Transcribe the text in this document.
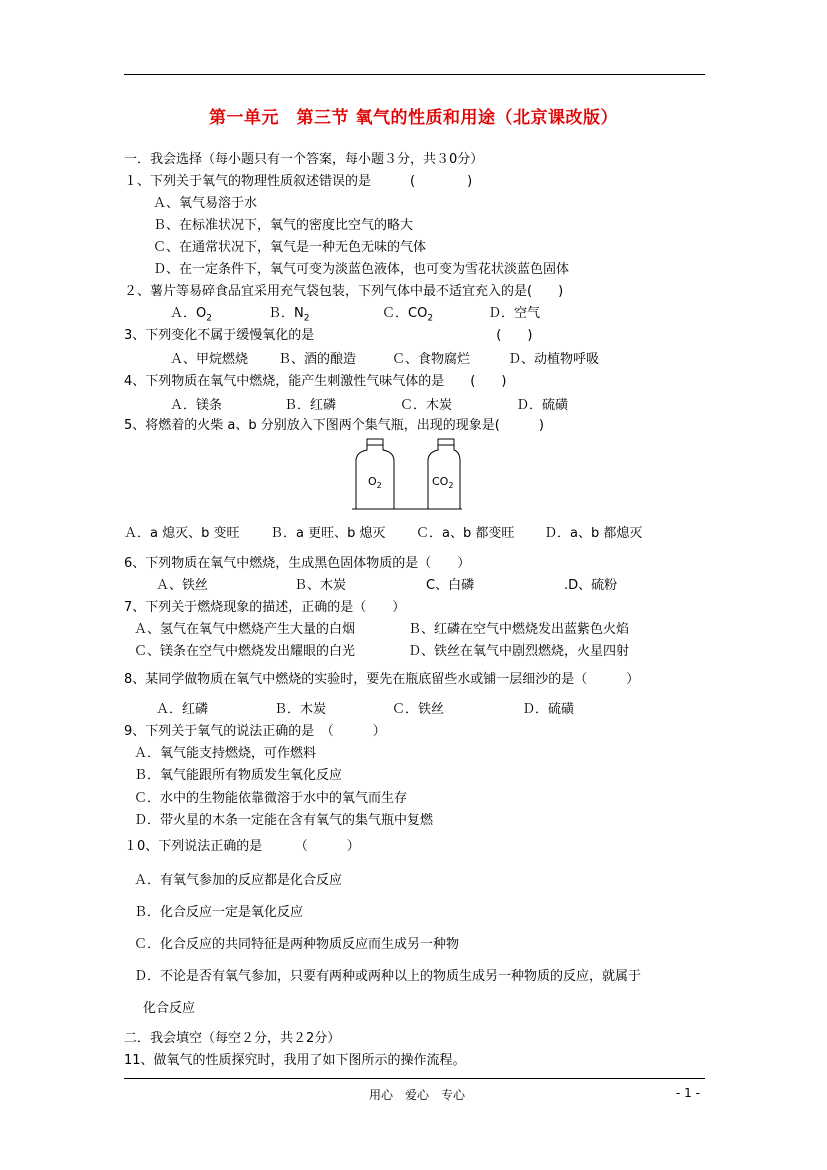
第一单元　第三节 氧气的性质和用途（北京课改版）
一．我会选择（每小题只有一个答案，每小题３分，共３0分）
１、下列关于氧气的物理性质叙述错误的是　　　(　　　　)
Ａ、氧气易溶于水
Ｂ、在标准状况下，氧气的密度比空气的略大
Ｃ、在通常状况下，氧气是一种无色无味的气体
Ｄ、在一定条件下，氧气可变为淡蓝色液体，也可变为雪花状淡蓝色固体
２、薯片等易碎食品宜采用充气袋包装，下列气体中最不适宜充入的是(　　)

Ａ．$O_2$

	Ｂ．$N_2$

	Ｃ．$CO_2$

	Ｄ．空气

3、下列变化不属于缓慢氧化的是　　　　　　　　　　　　　　(　　)

Ａ、甲烷燃烧

Ｂ、酒的酿造

	Ｃ、食物腐烂

	Ｄ、动植物呼吸

4、下列物质在氧气中燃烧，能产生刺激性气味气体的是　　(　　)

Ａ．镁条

	Ｂ．红磷

	Ｃ．木炭

	Ｄ．硫磺

5、将燃着的火柴 a、b 分别放入下图两个集气瓶，出现的现象是(　　　)
$O_2$	$CO_2$

Ａ．a 熄灭、b 变旺

Ｂ．a 更旺、b 熄灭

Ｃ．a、b 都变旺

Ｄ．a、b 都熄灭

6、下列物质在氧气中燃烧，生成黑色固体物质的是（　　）

Ａ、铁丝

	Ｂ、木炭

	C、白磷

	.D、硫粉

7、下列关于燃烧现象的描述，正确的是（　　）
Ａ、氢气在氧气中燃烧产生大量的白烟	Ｂ、红磷在空气中燃烧发出蓝紫色火焰
Ｃ、镁条在空气中燃烧发出耀眼的白光	Ｄ、铁丝在氧气中剧烈燃烧，火星四射
8、某同学做物质在氧气中燃烧的实验时，要先在瓶底留些水或铺一层细沙的是（　　　）

Ａ．红磷

	Ｂ．木炭

	Ｃ．铁丝

	Ｄ．硫磺

9、下列关于氧气的说法正确的是　（　　　）
Ａ．氧气能支持燃烧，可作燃料
Ｂ．氧气能跟所有物质发生氧化反应
Ｃ．水中的生物能依靠微溶于水中的氧气而生存
Ｄ．带火星的木条一定能在含有氧气的集气瓶中复燃
１0、下列说法正确的是　　　（　　　）
Ａ．有氧气参加的反应都是化合反应
Ｂ．化合反应一定是氧化反应
Ｃ．化合反应的共同特征是两种物质反应而生成另一种物
Ｄ．不论是否有氧气参加，只要有两种或两种以上的物质生成另一种物质的反应，就属于
化合反应
二．我会填空（每空２分，共２2分）
11、做氧气的性质探究时，我用了如下图所示的操作流程。
用心　爱心　专心	- 1 -
